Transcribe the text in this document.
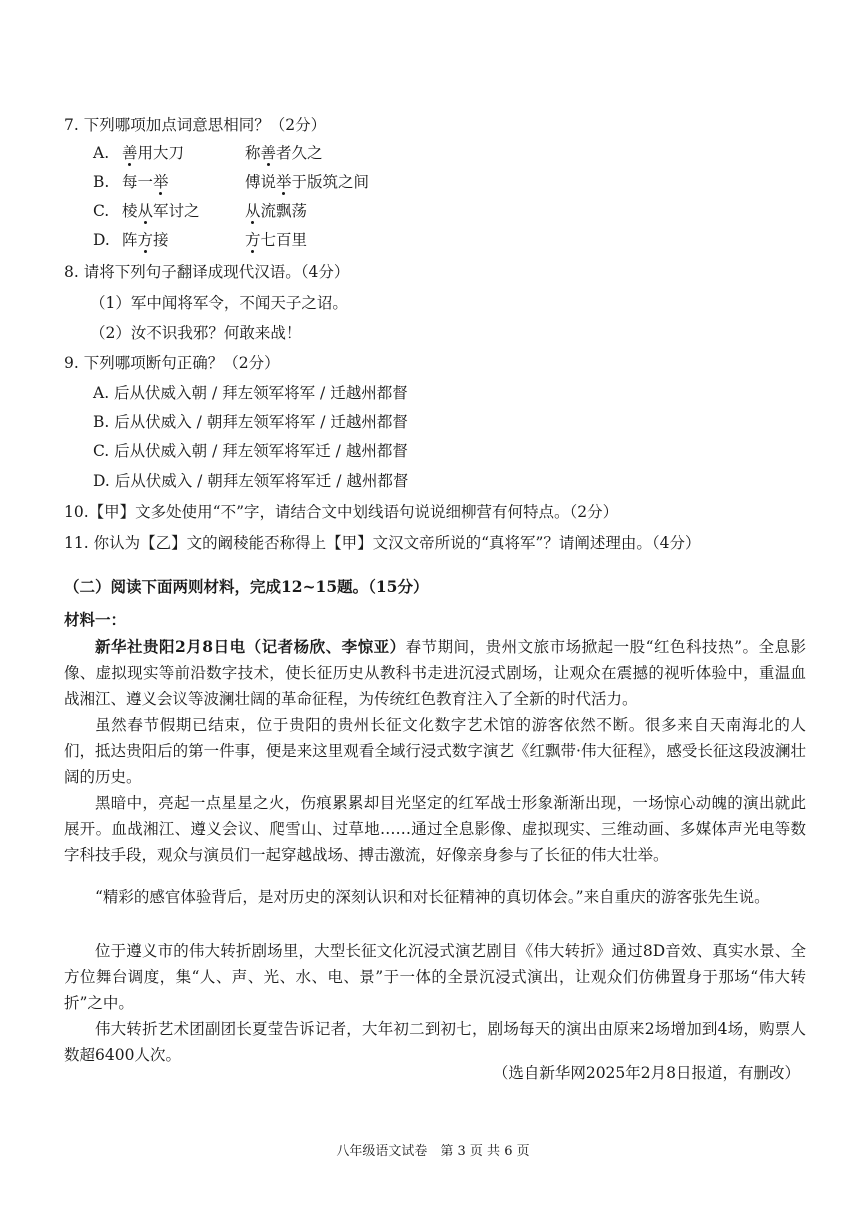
7. 下列哪项加点词意思相同？（2分）
A. 善用大刀	称善者久之
B. 每一举	傅说举于版筑之间
C. 棱从军讨之	从流飘荡
D. 阵方接	方七百里
8. 请将下列句子翻译成现代汉语。（4分）
（1）军中闻将军令，不闻天子之诏。
（2）汝不识我邪？何敢来战！
9. 下列哪项断句正确？（2分）
A. 后从伏威入朝 / 拜左领军将军 / 迁越州都督
B. 后从伏威入 / 朝拜左领军将军 / 迁越州都督
C. 后从伏威入朝 / 拜左领军将军迁 / 越州都督
D. 后从伏威入 / 朝拜左领军将军迁 / 越州都督
10.【甲】文多处使用“不”字，请结合文中划线语句说说细柳营有何特点。（2分）
11. 你认为【乙】文的阚稜能否称得上【甲】文汉文帝所说的“真将军”？请阐述理由。（4分）
（二）阅读下面两则材料，完成12~15题。（15分）
材料一：
新华社贵阳2月8日电（记者杨欣、李惊亚）春节期间，贵州文旅市场掀起一股“红色科技热”。全息影像、虚拟现实等前沿数字技术，使长征历史从教科书走进沉浸式剧场，让观众在震撼的视听体验中，重温血战湘江、遵义会议等波澜壮阔的革命征程，为传统红色教育注入了全新的时代活力。
虽然春节假期已结束，位于贵阳的贵州长征文化数字艺术馆的游客依然不断。很多来自天南海北的人们，抵达贵阳后的第一件事，便是来这里观看全域行浸式数字演艺《红飘带·伟大征程》，感受长征这段波澜壮阔的历史。
黑暗中，亮起一点星星之火，伤痕累累却目光坚定的红军战士形象渐渐出现，一场惊心动魄的演出就此展开。血战湘江、遵义会议、爬雪山、过草地……通过全息影像、虚拟现实、三维动画、多媒体声光电等数字科技手段，观众与演员们一起穿越战场、搏击激流，好像亲身参与了长征的伟大壮举。
“精彩的感官体验背后，是对历史的深刻认识和对长征精神的真切体会。”来自重庆的游客张先生说。
位于遵义市的伟大转折剧场里，大型长征文化沉浸式演艺剧目《伟大转折》通过8D音效、真实水景、全方位舞台调度，集“人、声、光、水、电、景”于一体的全景沉浸式演出，让观众们仿佛置身于那场“伟大转折”之中。
伟大转折艺术团副团长夏莹告诉记者，大年初二到初七，剧场每天的演出由原来2场增加到4场，购票人数超6400人次。
（选自新华网2025年2月8日报道，有删改）
八年级语文试卷　第 3 页 共 6 页
